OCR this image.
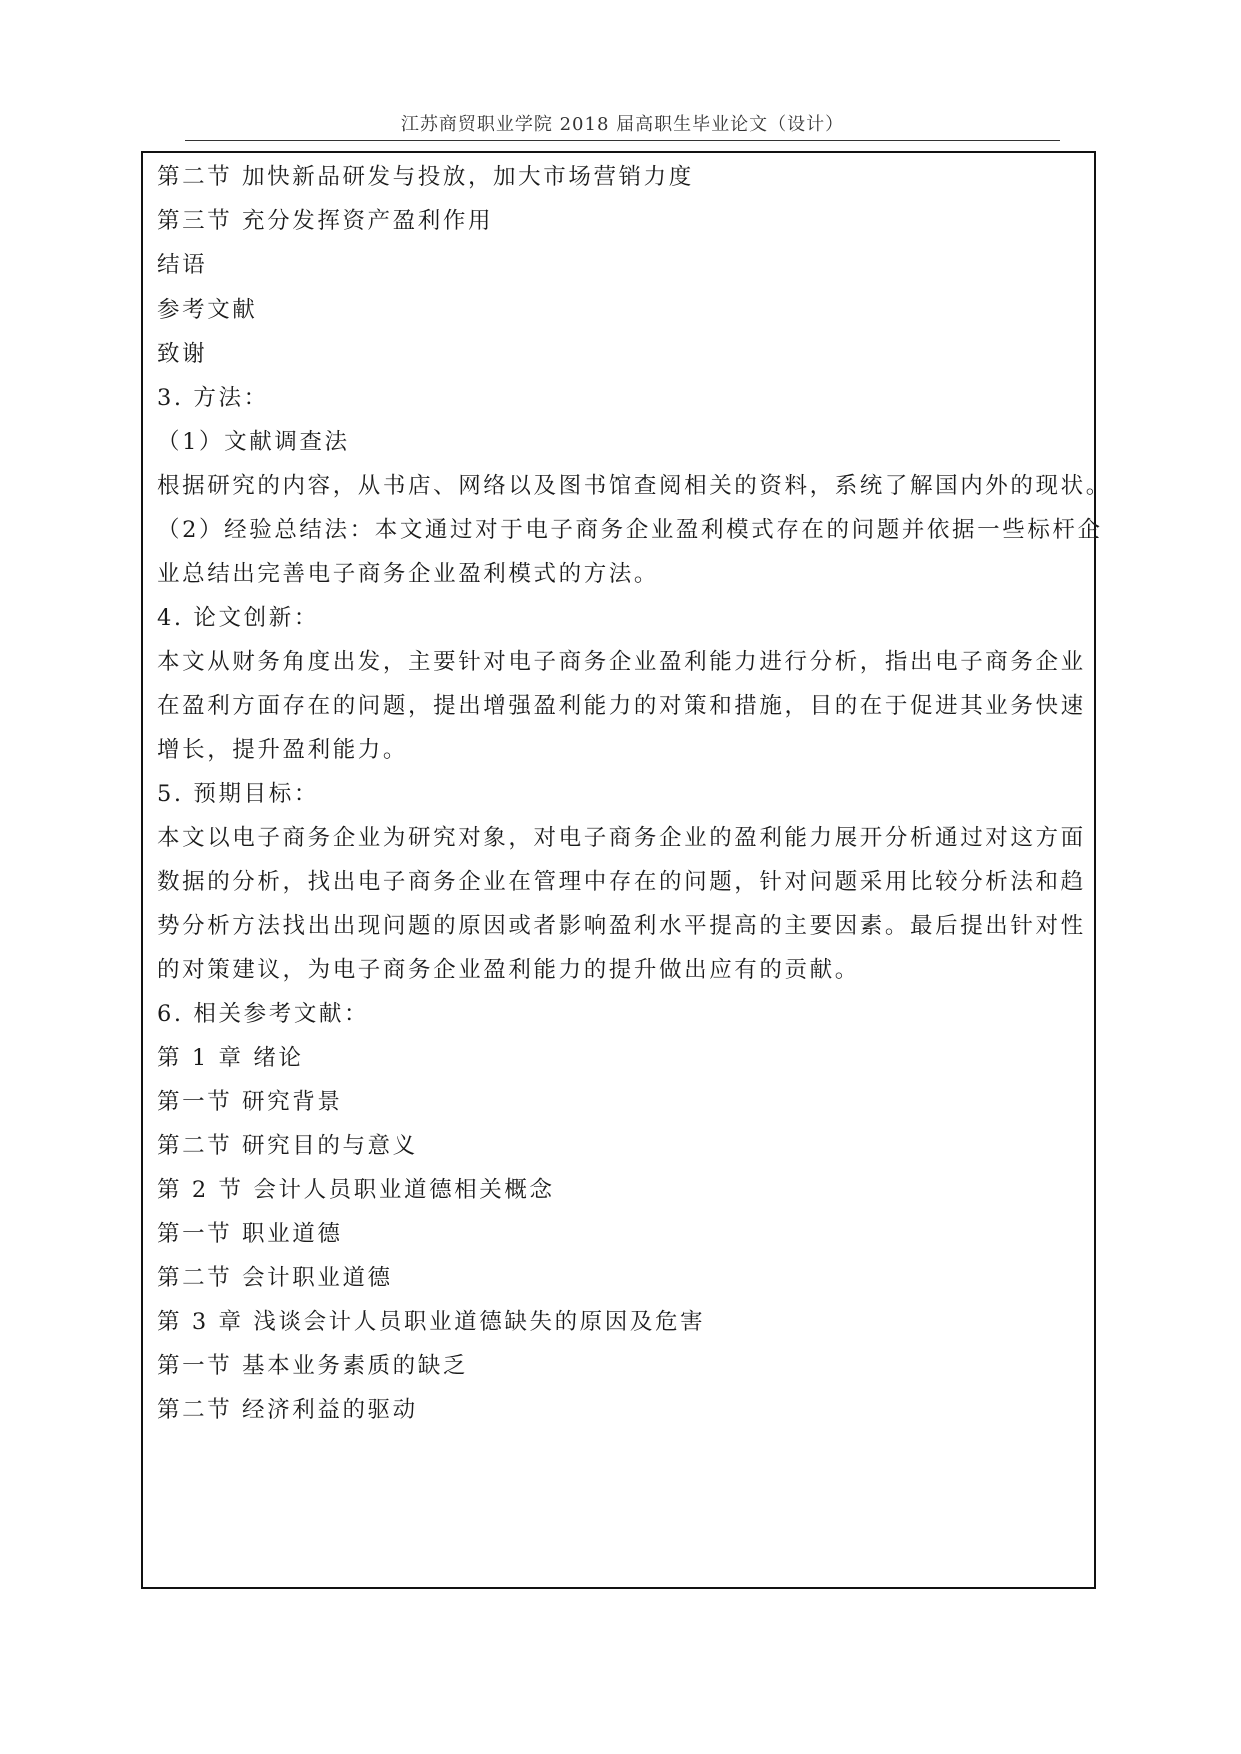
江苏商贸职业学院 2018 届高职生毕业论文（设计）
第二节 加快新品研发与投放，加大市场营销力度
第三节 充分发挥资产盈利作用
结语
参考文献
致谢
3. 方法：
（1）文献调查法
根据研究的内容，从书店、网络以及图书馆查阅相关的资料，系统了解国内外的现状。
（2）经验总结法：本文通过对于电子商务企业盈利模式存在的问题并依据一些标杆企
业总结出完善电子商务企业盈利模式的方法。
4. 论文创新：
本文从财务角度出发，主要针对电子商务企业盈利能力进行分析，指出电子商务企业
在盈利方面存在的问题，提出增强盈利能力的对策和措施，目的在于促进其业务快速
增长，提升盈利能力。
5. 预期目标：
本文以电子商务企业为研究对象，对电子商务企业的盈利能力展开分析通过对这方面
数据的分析，找出电子商务企业在管理中存在的问题，针对问题采用比较分析法和趋
势分析方法找出出现问题的原因或者影响盈利水平提高的主要因素。最后提出针对性
的对策建议，为电子商务企业盈利能力的提升做出应有的贡献。
6. 相关参考文献：
第 1 章 绪论
第一节 研究背景
第二节 研究目的与意义
第 2 节 会计人员职业道德相关概念
第一节 职业道德
第二节 会计职业道德
第 3 章 浅谈会计人员职业道德缺失的原因及危害
第一节 基本业务素质的缺乏
第二节 经济利益的驱动
